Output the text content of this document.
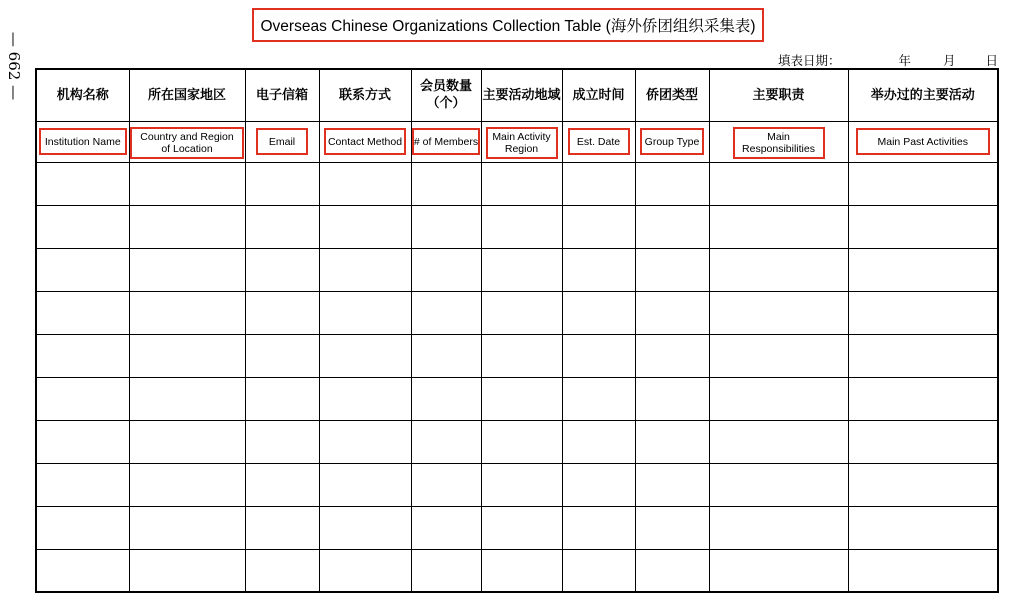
— 662 —
Overseas Chinese Organizations Collection Table (海外侨团组织采集表)
填表日期：	年	月 日
机构名称	所在国家地区	电子信箱	联系方式	会员数量（个）	主要活动地域	成立时间	侨团类型	主要职责	举办过的主要活动
Institution Name	Country and Region of Location	Email	Contact Method	# of Members	Main Activity Region	Est. Date	Group Type	Main Responsibilities	Main Past Activities
